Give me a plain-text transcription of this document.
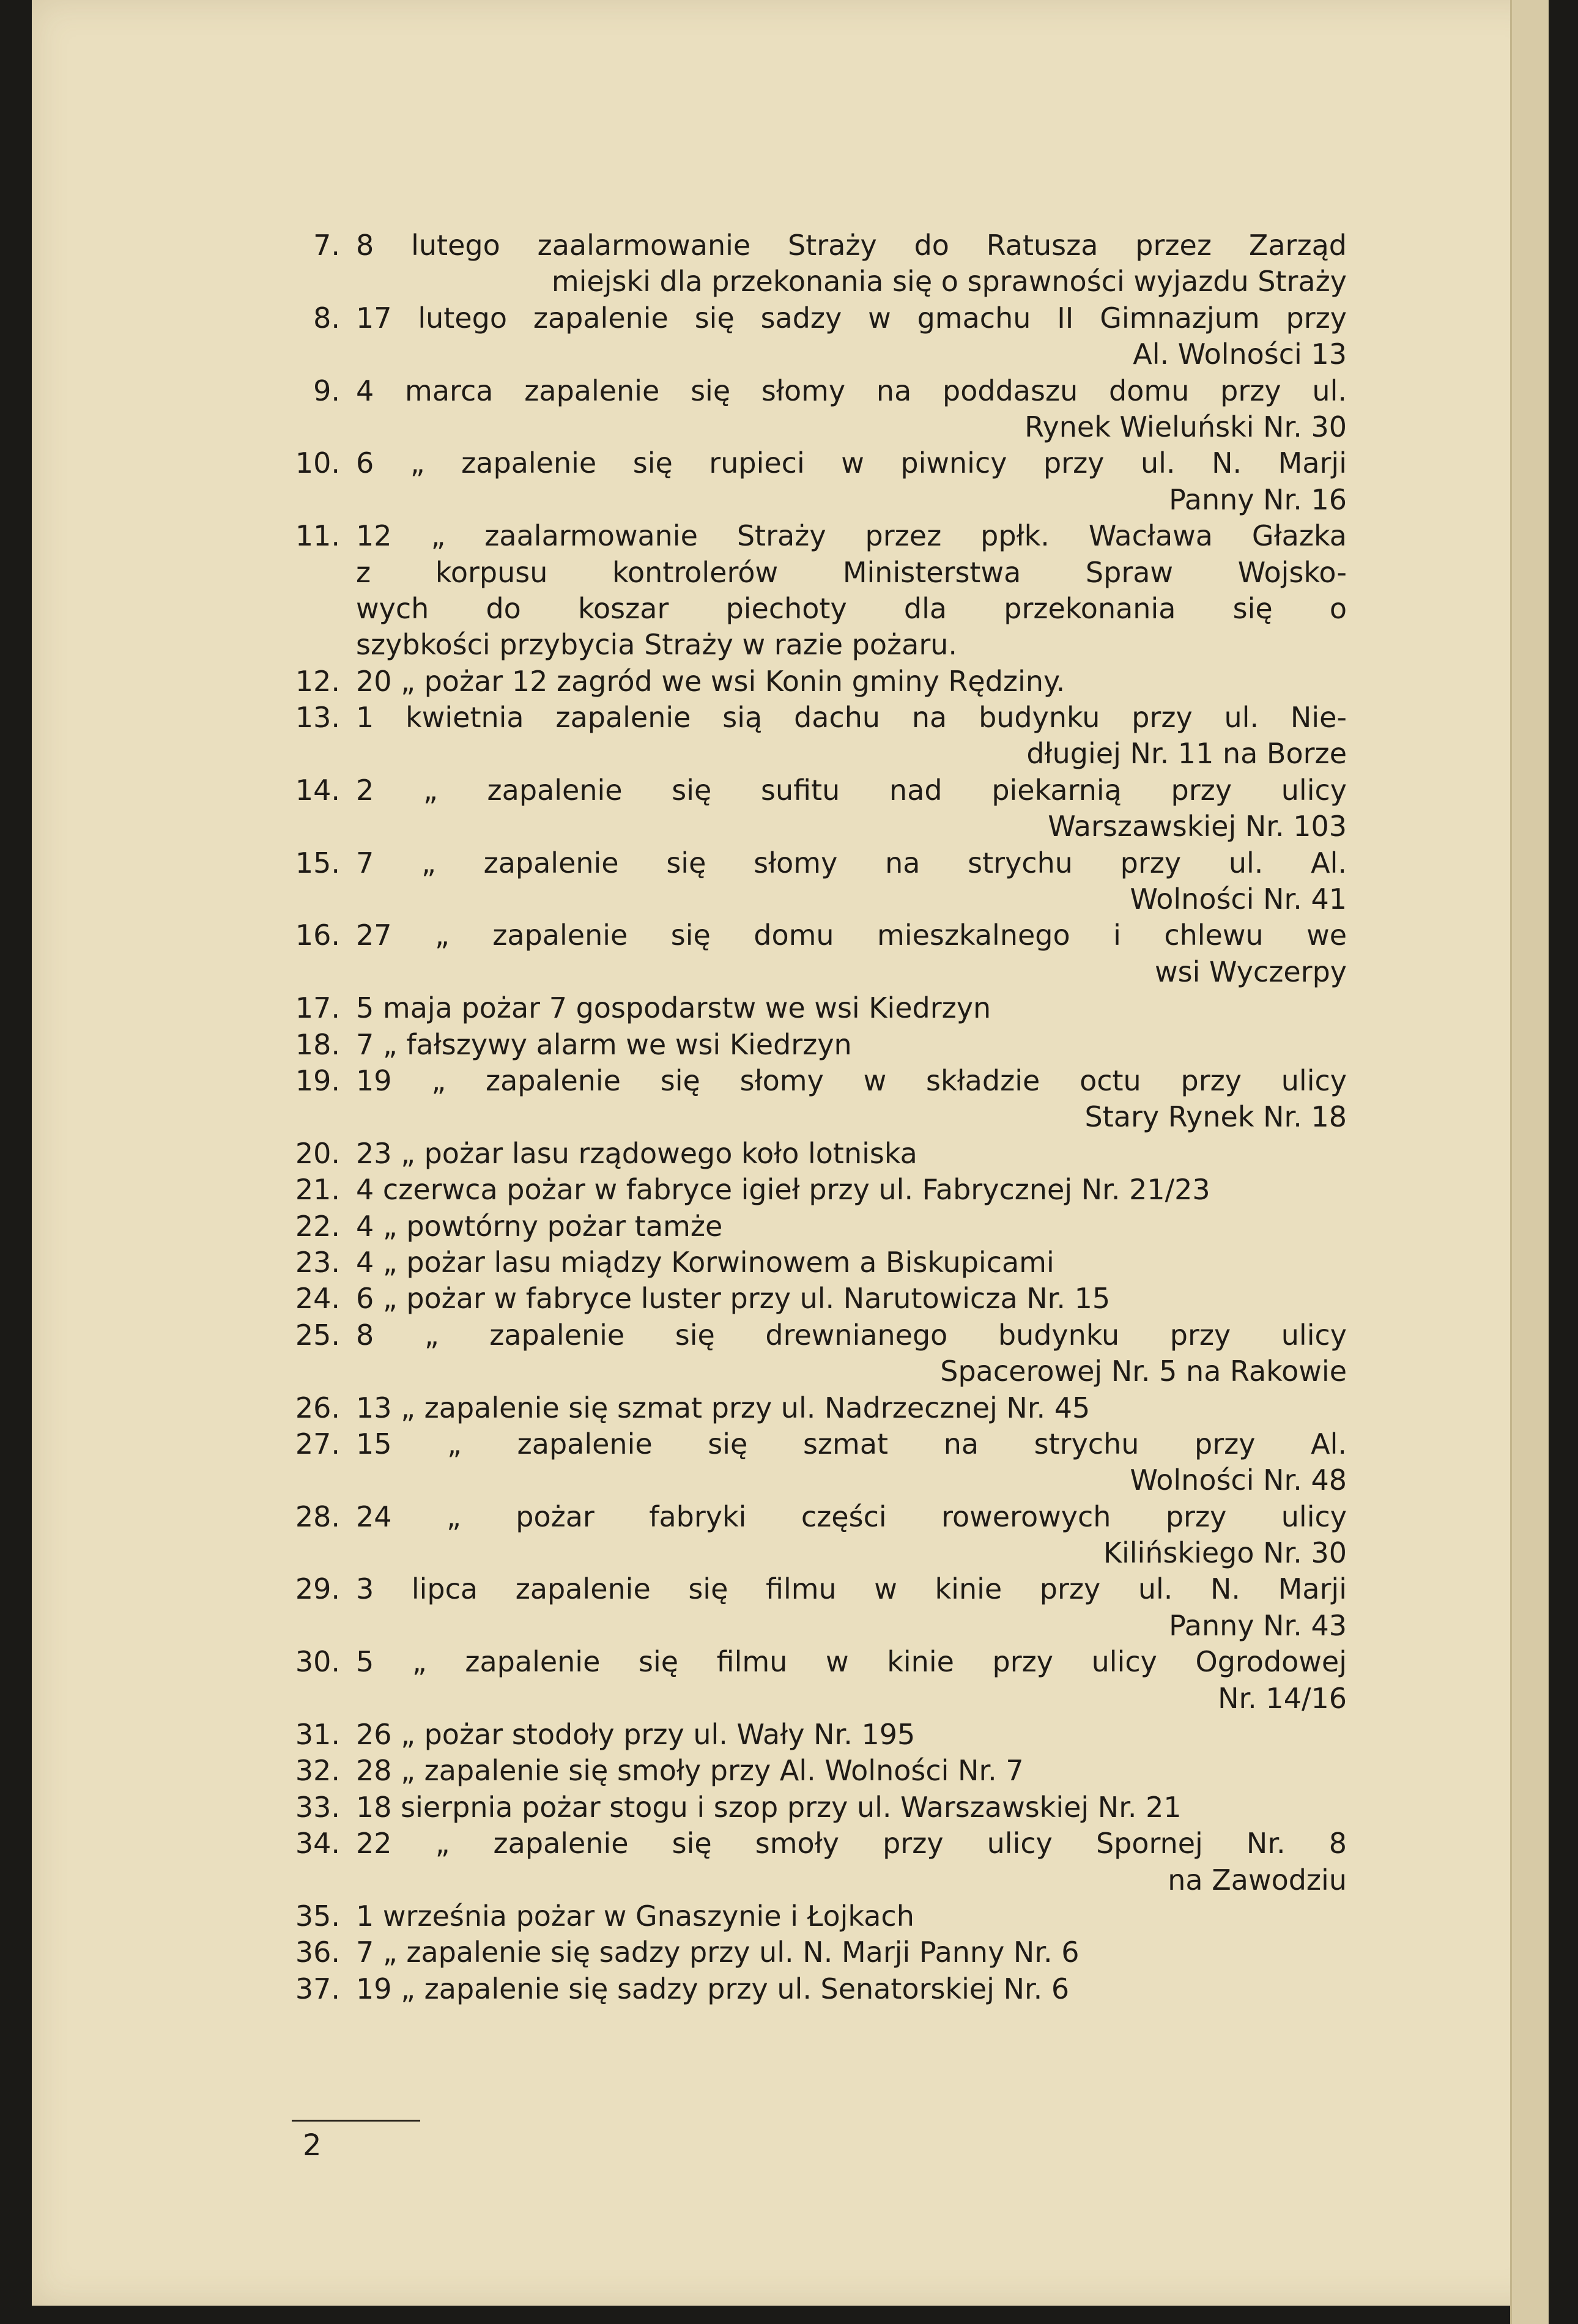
7. 8 lutego zaalarmowanie Straży do Ratusza przez Zarząd
miejski dla przekonania się o sprawności wyjazdu Straży
8. 17 lutego zapalenie się sadzy w gmachu II Gimnazjum przy
Al. Wolności 13
9. 4 marca zapalenie się słomy na poddaszu domu przy ul.
Rynek Wieluński Nr. 30
10. 6 „ zapalenie się rupieci w piwnicy przy ul. N. Marji
Panny Nr. 16
11. 12 „ zaalarmowanie Straży przez ppłk. Wacława Głazka
z korpusu kontrolerów Ministerstwa Spraw Wojsko-
wych do koszar piechoty dla przekonania się o
szybkości przybycia Straży w razie pożaru.
12. 20 „ pożar 12 zagród we wsi Konin gminy Rędziny.
13. 1 kwietnia zapalenie sią dachu na budynku przy ul. Nie-
długiej Nr. 11 na Borze
14. 2 „ zapalenie się sufitu nad piekarnią przy ulicy
Warszawskiej Nr. 103
15. 7 „ zapalenie się słomy na strychu przy ul. Al.
Wolności Nr. 41
16. 27 „ zapalenie się domu mieszkalnego i chlewu we
wsi Wyczerpy
17. 5 maja pożar 7 gospodarstw we wsi Kiedrzyn
18. 7 „ fałszywy alarm we wsi Kiedrzyn
19. 19 „ zapalenie się słomy w składzie octu przy ulicy
Stary Rynek Nr. 18
20. 23 „ pożar lasu rządowego koło lotniska
21. 4 czerwca pożar w fabryce igieł przy ul. Fabrycznej Nr. 21/23
22. 4 „ powtórny pożar tamże
23. 4 „ pożar lasu miądzy Korwinowem a Biskupicami
24. 6 „ pożar w fabryce luster przy ul. Narutowicza Nr. 15
25. 8 „ zapalenie się drewnianego budynku przy ulicy
Spacerowej Nr. 5 na Rakowie
26. 13 „ zapalenie się szmat przy ul. Nadrzecznej Nr. 45
27. 15 „ zapalenie się szmat na strychu przy Al.
Wolności Nr. 48
28. 24 „ pożar fabryki części rowerowych przy ulicy
Kilińskiego Nr. 30
29. 3 lipca zapalenie się filmu w kinie przy ul. N. Marji
Panny Nr. 43
30. 5 „ zapalenie się filmu w kinie przy ulicy Ogrodowej
Nr. 14/16
31. 26 „ pożar stodoły przy ul. Wały Nr. 195
32. 28 „ zapalenie się smoły przy Al. Wolności Nr. 7
33. 18 sierpnia pożar stogu i szop przy ul. Warszawskiej Nr. 21
34. 22 „ zapalenie się smoły przy ulicy Spornej Nr. 8
na Zawodziu
35. 1 września pożar w Gnaszynie i Łojkach
36. 7 „ zapalenie się sadzy przy ul. N. Marji Panny Nr. 6
37. 19 „ zapalenie się sadzy przy ul. Senatorskiej Nr. 6
2
